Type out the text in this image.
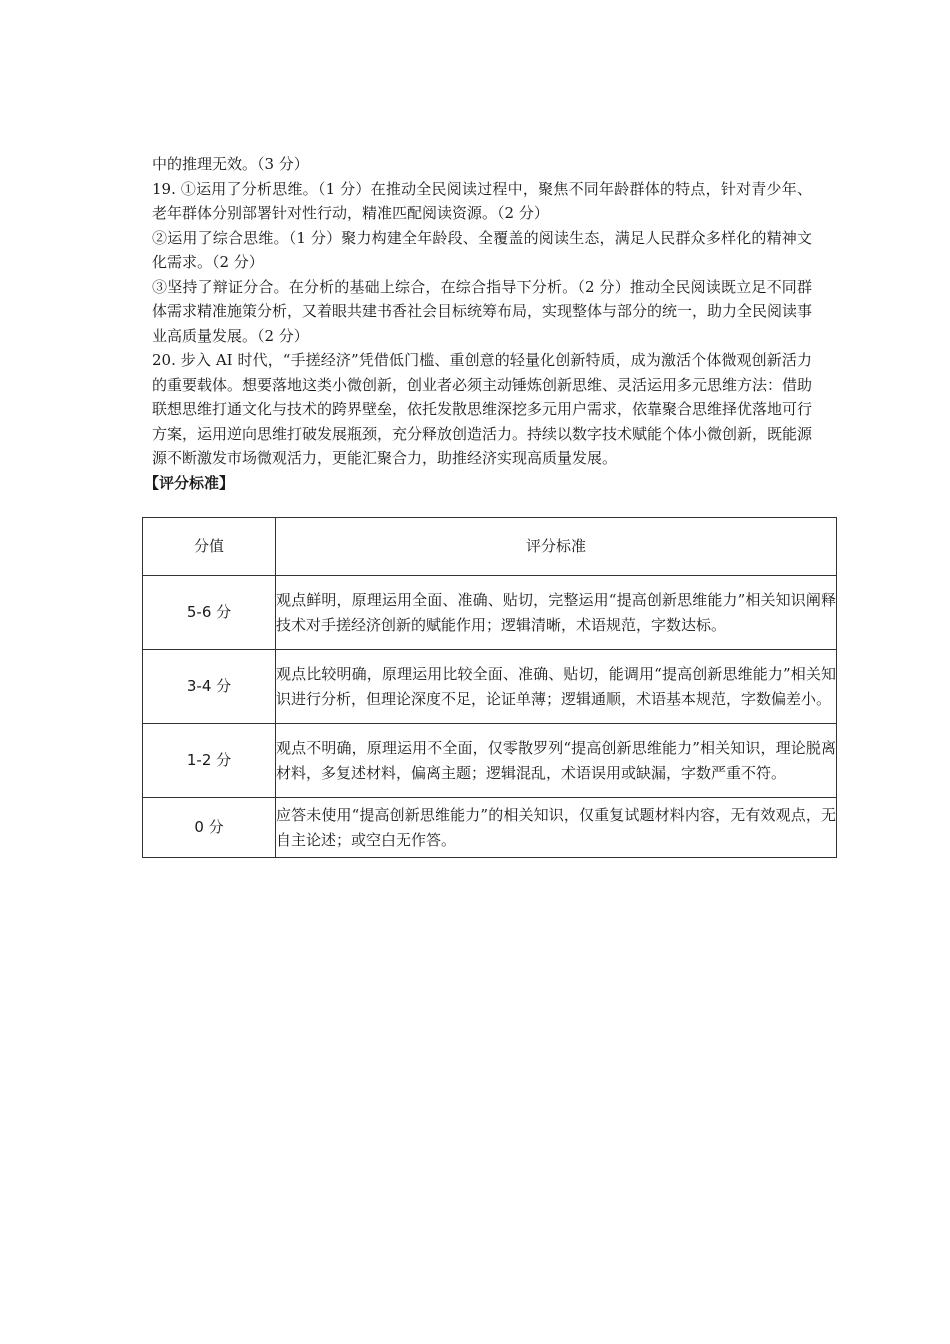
中的推理无效。（3 分）

19. ①运用了分析思维。（1 分）在推动全民阅读过程中，聚焦不同年龄群体的特点，针对青少年、老年群体分别部署针对性行动，精准匹配阅读资源。（2 分）

②运用了综合思维。（1 分）聚力构建全年龄段、全覆盖的阅读生态，满足人民群众多样化的精神文化需求。（2 分）

③坚持了辩证分合。在分析的基础上综合，在综合指导下分析。（2 分）推动全民阅读既立足不同群体需求精准施策分析，又着眼共建书香社会目标统筹布局，实现整体与部分的统一，助力全民阅读事业高质量发展。（2 分）

20. 步入 AI 时代，“手搓经济”凭借低门槛、重创意的轻量化创新特质，成为激活个体微观创新活力的重要载体。想要落地这类小微创新，创业者必须主动锤炼创新思维、灵活运用多元思维方法：借助联想思维打通文化与技术的跨界壁垒，依托发散思维深挖多元用户需求，依靠聚合思维择优落地可行方案，运用逆向思维打破发展瓶颈，充分释放创造活力。持续以数字技术赋能个体小微创新，既能源源不断激发市场微观活力，更能汇聚合力，助推经济实现高质量发展。

【评分标准】

分值	评分标准
5-6 分	观点鲜明，原理运用全面、准确、贴切，完整运用“提高创新思维能力”相关知识阐释技术对手搓经济创新的赋能作用；逻辑清晰，术语规范，字数达标。
3-4 分	观点比较明确，原理运用比较全面、准确、贴切，能调用“提高创新思维能力”相关知识进行分析，但理论深度不足，论证单薄；逻辑通顺，术语基本规范，字数偏差小。
1-2 分	观点不明确，原理运用不全面，仅零散罗列“提高创新思维能力”相关知识，理论脱离材料，多复述材料，偏离主题；逻辑混乱，术语误用或缺漏，字数严重不符。
0 分	应答未使用“提高创新思维能力”的相关知识，仅重复试题材料内容，无有效观点，无自主论述；或空白无作答。
